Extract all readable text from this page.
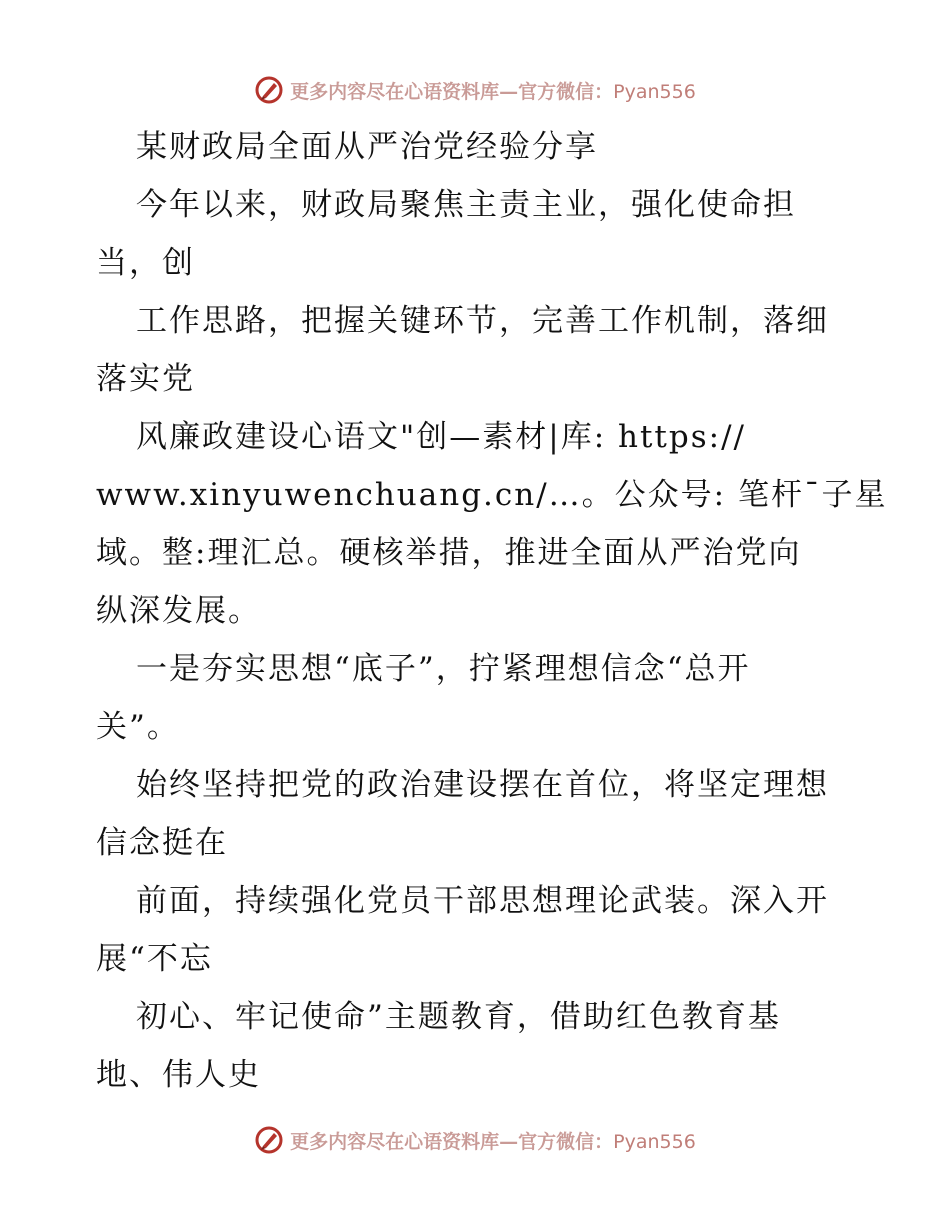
更多内容尽在心语资料库—官方微信：Pyan556
某财政局全面从严治党经验分享
今年以来，财政局聚焦主责主业，强化使命担
当，创
工作思路，把握关键环节，完善工作机制，落细
落实党
风廉政建设心语文"创—素材|库: https://
www.xinyuwenchuang.cn/…。公众号: 笔杆¯子星
域。整:理汇总。硬核举措，推进全面从严治党向
纵深发展。
一是夯实思想“底子”，拧紧理想信念“总开
关”。
始终坚持把党的政治建设摆在首位，将坚定理想
信念挺在
前面，持续强化党员干部思想理论武装。深入开
展“不忘
初心、牢记使命”主题教育，借助红色教育基
地、伟人史
更多内容尽在心语资料库—官方微信：Pyan556
